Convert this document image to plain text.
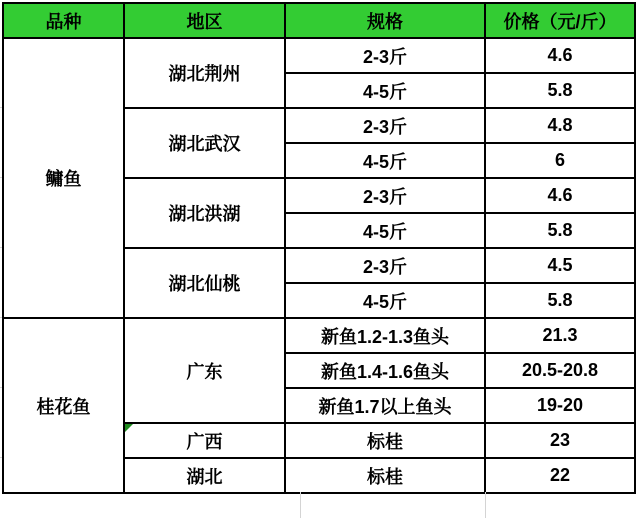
品种	地区	规格	价格（元/斤）
鳙鱼	湖北荆州	2-3斤	4.6
		4-5斤	5.8
	湖北武汉	2-3斤	4.8
		4-5斤	6
	湖北洪湖	2-3斤	4.6
		4-5斤	5.8
	湖北仙桃	2-3斤	4.5
		4-5斤	5.8
桂花鱼	广东	新鱼1.2-1.3鱼头	21.3
		新鱼1.4-1.6鱼头	20.5-20.8
		新鱼1.7以上鱼头	19-20
	广西	标桂	23
	湖北	标桂	22
